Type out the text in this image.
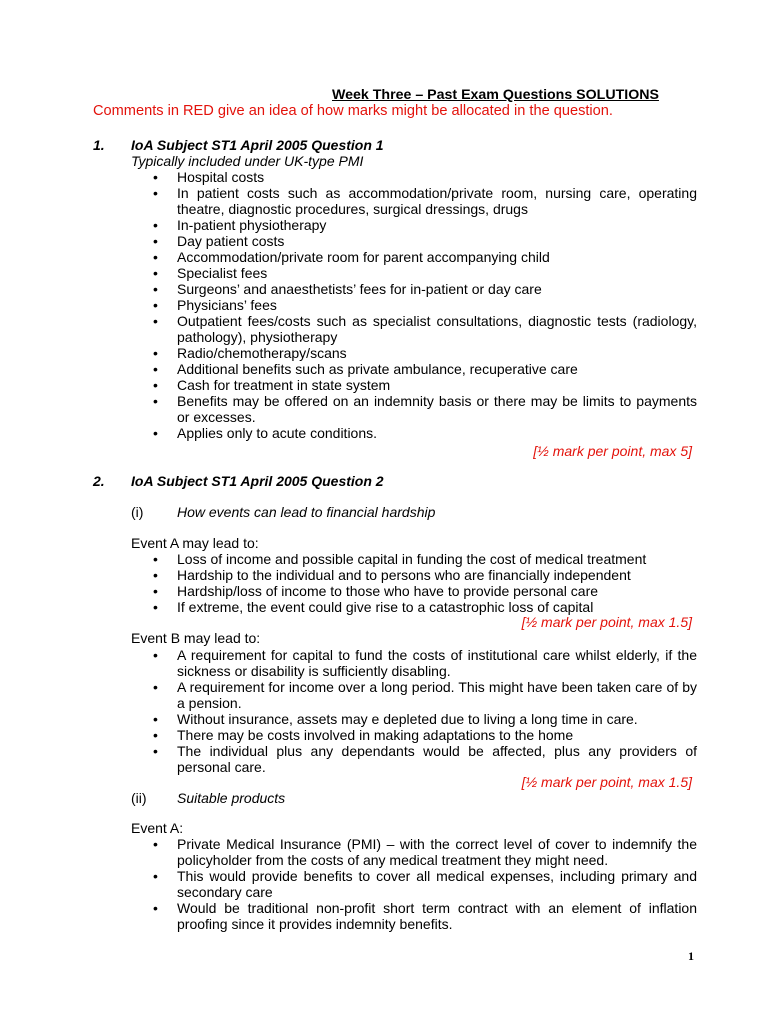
Week Three – Past Exam Questions SOLUTIONS
Comments in RED give an idea of how marks might be allocated in the question.
1. IoA Subject ST1 April 2005 Question 1
Typically included under UK-type PMI
• Hospital costs
• In patient costs such as accommodation/private room, nursing care, operating theatre, diagnostic procedures, surgical dressings, drugs
• In-patient physiotherapy
• Day patient costs
• Accommodation/private room for parent accompanying child
• Specialist fees
• Surgeons’ and anaesthetists’ fees for in-patient or day care
• Physicians’ fees
• Outpatient fees/costs such as specialist consultations, diagnostic tests (radiology, pathology), physiotherapy
• Radio/chemotherapy/scans
• Additional benefits such as private ambulance, recuperative care
• Cash for treatment in state system
• Benefits may be offered on an indemnity basis or there may be limits to payments or excesses.
• Applies only to acute conditions.
[½ mark per point, max 5]
2. IoA Subject ST1 April 2005 Question 2
(i) How events can lead to financial hardship
Event A may lead to:
• Loss of income and possible capital in funding the cost of medical treatment
• Hardship to the individual and to persons who are financially independent
• Hardship/loss of income to those who have to provide personal care
• If extreme, the event could give rise to a catastrophic loss of capital
[½ mark per point, max 1.5]
Event B may lead to:
• A requirement for capital to fund the costs of institutional care whilst elderly, if the sickness or disability is sufficiently disabling.
• A requirement for income over a long period. This might have been taken care of by a pension.
• Without insurance, assets may e depleted due to living a long time in care.
• There may be costs involved in making adaptations to the home
• The individual plus any dependants would be affected, plus any providers of personal care.
[½ mark per point, max 1.5]
(ii) Suitable products
Event A:
• Private Medical Insurance (PMI) – with the correct level of cover to indemnify the policyholder from the costs of any medical treatment they might need.
• This would provide benefits to cover all medical expenses, including primary and secondary care
• Would be traditional non-profit short term contract with an element of inflation proofing since it provides indemnity benefits.
1
